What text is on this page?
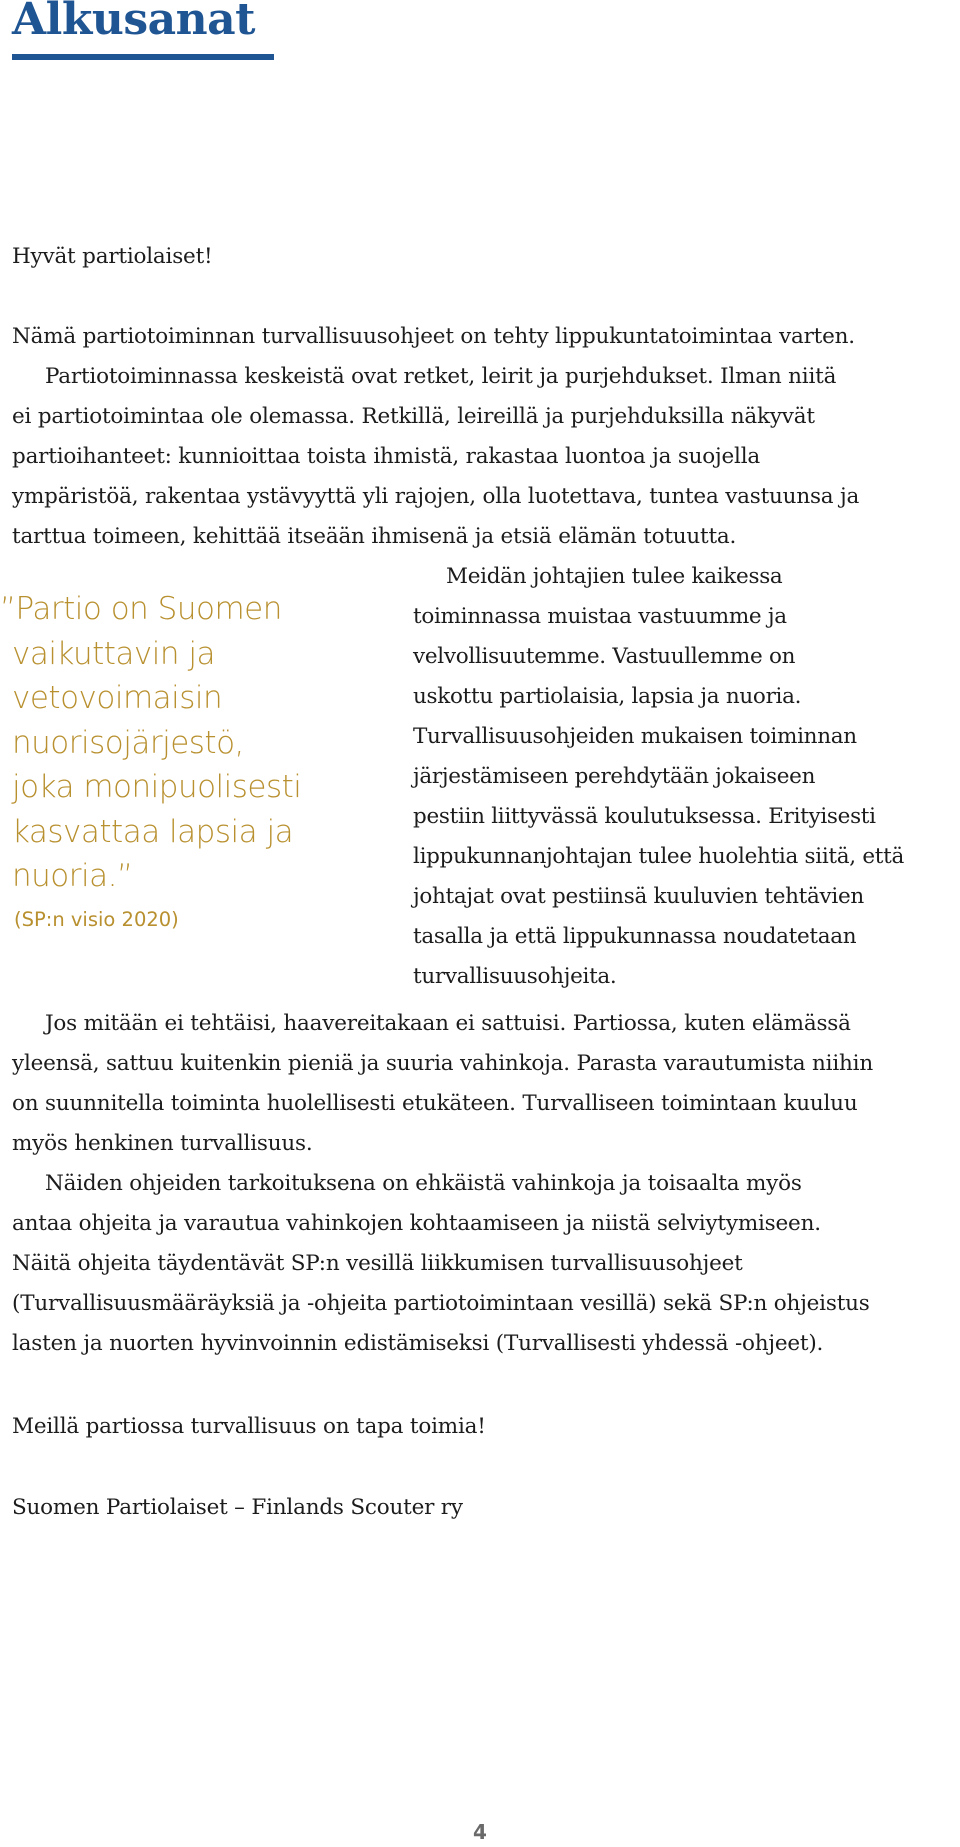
Alkusanat

Hyvät partiolaiset!

Nämä partiotoiminnan turvallisuusohjeet on tehty lippukuntatoimintaa varten.
Partiotoiminnassa keskeistä ovat retket, leirit ja purjehdukset. Ilman niitä
ei partiotoimintaa ole olemassa. Retkillä, leireillä ja purjehduksilla näkyvät
partioihanteet: kunnioittaa toista ihmistä, rakastaa luontoa ja suojella
ympäristöä, rakentaa ystävyyttä yli rajojen, olla luotettava, tuntea vastuunsa ja
tarttua toimeen, kehittää itseään ihmisenä ja etsiä elämän totuutta.
”Partio on Suomen
vaikuttavin ja
vetovoimaisin
nuorisojärjestö,
joka monipuolisesti
kasvattaa lapsia ja
nuoria.”

(SP:n visio 2020)

Meidän johtajien tulee kaikessa
toiminnassa muistaa vastuumme ja
velvollisuutemme. Vastuullemme on
uskottu partiolaisia, lapsia ja nuoria.
Turvallisuusohjeiden mukaisen toiminnan
järjestämiseen perehdytään jokaiseen
pestiin liittyvässä koulutuksessa. Erityisesti
lippukunnanjohtajan tulee huolehtia siitä, että
johtajat ovat pestiinsä kuuluvien tehtävien
tasalla ja että lippukunnassa noudatetaan
turvallisuusohjeita.
Jos mitään ei tehtäisi, haavereitakaan ei sattuisi. Partiossa, kuten elämässä
yleensä, sattuu kuitenkin pieniä ja suuria vahinkoja. Parasta varautumista niihin
on suunnitella toiminta huolellisesti etukäteen. Turvalliseen toimintaan kuuluu
myös henkinen turvallisuus.
Näiden ohjeiden tarkoituksena on ehkäistä vahinkoja ja toisaalta myös
antaa ohjeita ja varautua vahinkojen kohtaamiseen ja niistä selviytymiseen.
Näitä ohjeita täydentävät SP:n vesillä liikkumisen turvallisuusohjeet
(Turvallisuusmääräyksiä ja -ohjeita partiotoimintaan vesillä) sekä SP:n ohjeistus
lasten ja nuorten hyvinvoinnin edistämiseksi (Turvallisesti yhdessä -ohjeet).

Meillä partiossa turvallisuus on tapa toimia!

Suomen Partiolaiset – Finlands Scouter ry

4
